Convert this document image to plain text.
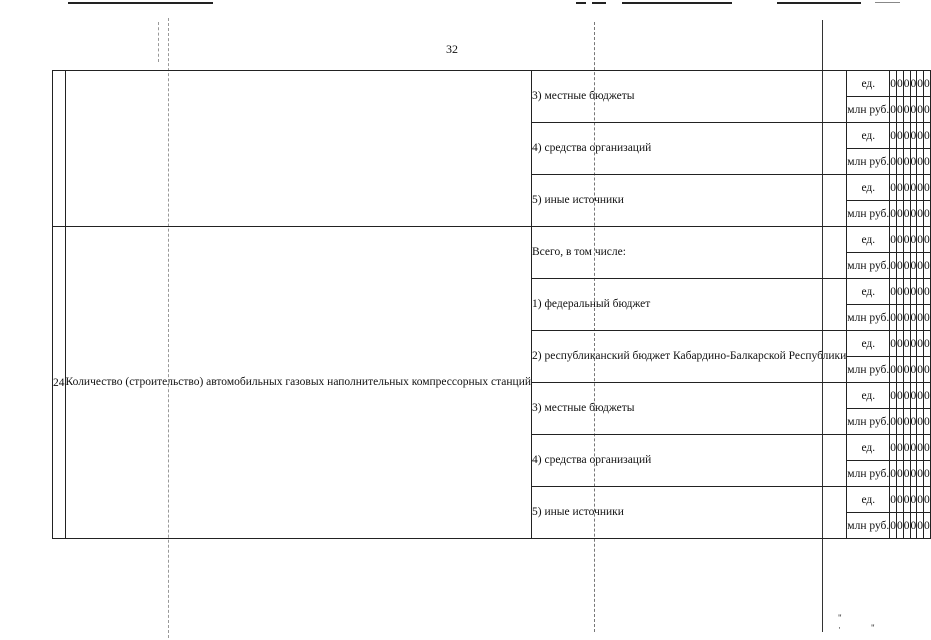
32
		3) местные бюджеты	ед.	0	0	0	0	0	0
			млн руб.	0	0	0	0	0	0
		4) средства организаций	ед.	0	0	0	0	0	0
			млн руб.	0	0	0	0	0	0
		5) иные источники	ед.	0	0	0	0	0	0
			млн руб.	0	0	0	0	0	0
24	Количество (строительство) автомобильных газовых наполнительных компрессорных станций	Всего, в том числе:	ед.	0	0	0	0	0	0
			млн руб.	0	0	0	0	0	0
		1) федеральный бюджет	ед.	0	0	0	0	0	0
			млн руб.	0	0	0	0	0	0
		2) республиканский бюджет Кабардино-Балкарской Республики	ед.	0	0	0	0	0	0
			млн руб.	0	0	0	0	0	0
		3) местные бюджеты	ед.	0	0	0	0	0	0
			млн руб.	0	0	0	0	0	0
		4) средства организаций	ед.	0	0	0	0	0	0
			млн руб.	0	0	0	0	0	0
		5) иные источники	ед.	0	0	0	0	0	0
			млн руб.	0	0	0	0	0	0
" ·"
